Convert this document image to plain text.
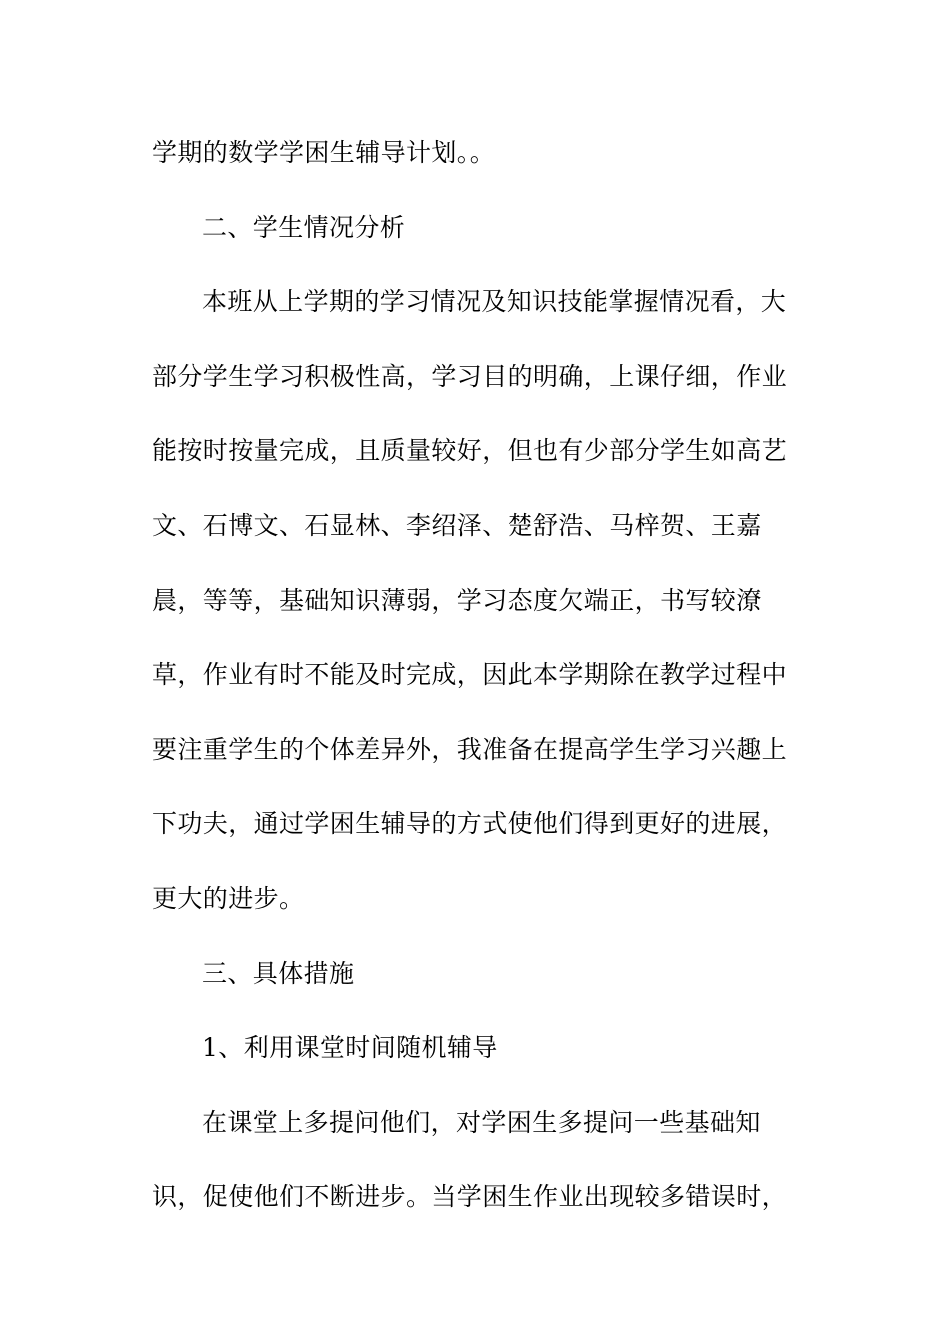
学期的数学学困生辅导计划。。
二、学生情况分析
本班从上学期的学习情况及知识技能掌握情况看，大
部分学生学习积极性高，学习目的明确，上课仔细，作业
能按时按量完成，且质量较好，但也有少部分学生如高艺
文、石博文、石显林、李绍泽、楚舒浩、马梓贺、王嘉
晨，等等，基础知识薄弱，学习态度欠端正，书写较潦
草，作业有时不能及时完成，因此本学期除在教学过程中
要注重学生的个体差异外，我准备在提高学生学习兴趣上
下功夫，通过学困生辅导的方式使他们得到更好的进展，
更大的进步。
三、具体措施
1、利用课堂时间随机辅导
在课堂上多提问他们，对学困生多提问一些基础知
识，促使他们不断进步。当学困生作业出现较多错误时，
